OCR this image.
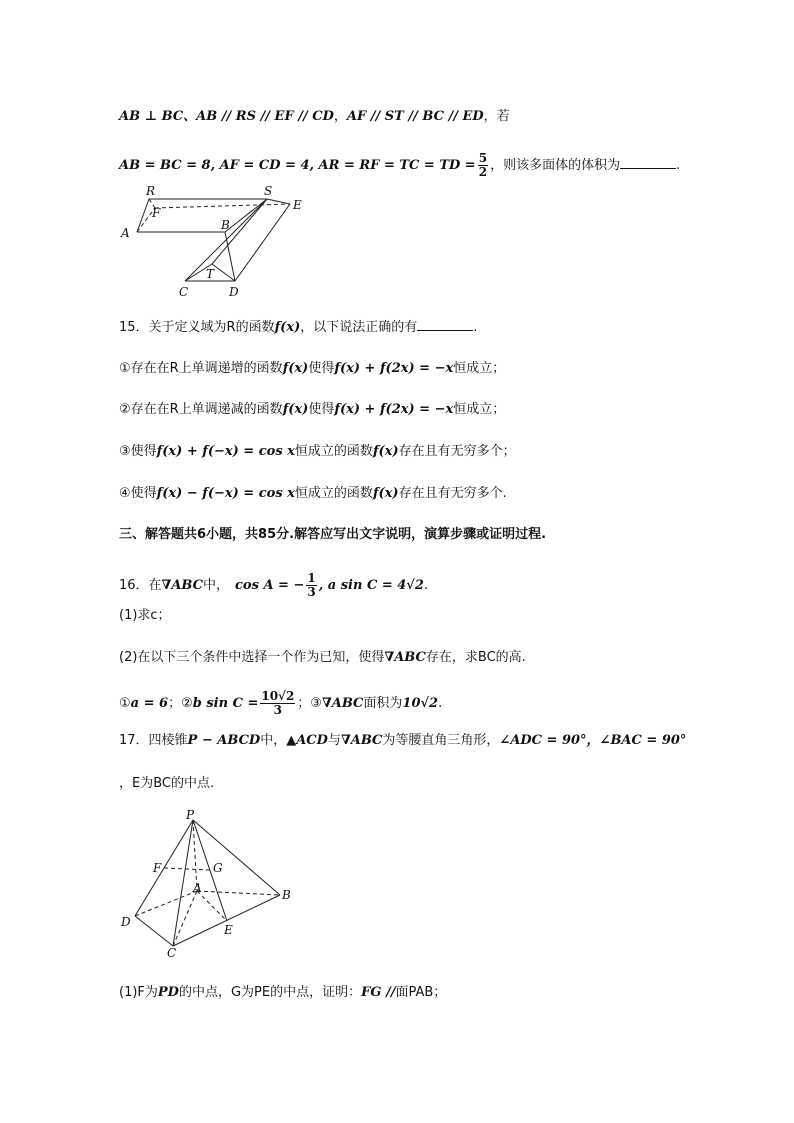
AB ⊥ BC、AB // RS // EF // CD，AF // ST // BC // ED，若
AB = BC = 8, AF = CD = 4, AR = RF = TC = TD = $\frac{5}{2}$ ，则该多面体的体积为	.
R	S
F
E
A
B
T
C	D
15．关于定义域为R的函数f(x)，以下说法正确的有	.
①存在在R上单调递增的函数f(x)使得f(x) + f(2x) = −x恒成立；
②存在在R上单调递减的函数f(x)使得f(x) + f(2x) = −x恒成立；
③使得f(x) + f(−x) = cos x恒成立的函数f(x)存在且有无穷多个；
④使得f(x) − f(−x) = cos x恒成立的函数f(x)存在且有无穷多个.
三、解答题共6小题，共85分.解答应写出文字说明，演算步骤或证明过程.
16．在∇ABC中， cos A = − $\frac{1}{3}$ , a sin C = 4√2.
(1)求c；
(2)在以下三个条件中选择一个作为已知，使得∇ABC存在，求BC的高.
①a = 6；②b $\sin C = \frac{10√2}{3}$ ；③∇ABC面积为10√2.
17．四棱锥P − ABCD中，▲ACD与∇ABC为等腰直角三角形，∠ADC = 90°，∠BAC = 90°
，E为BC的中点.
P
F	G
A	B
D
E
C
(1)F为PD的中点，G为PE的中点，证明：FG //面PAB；
